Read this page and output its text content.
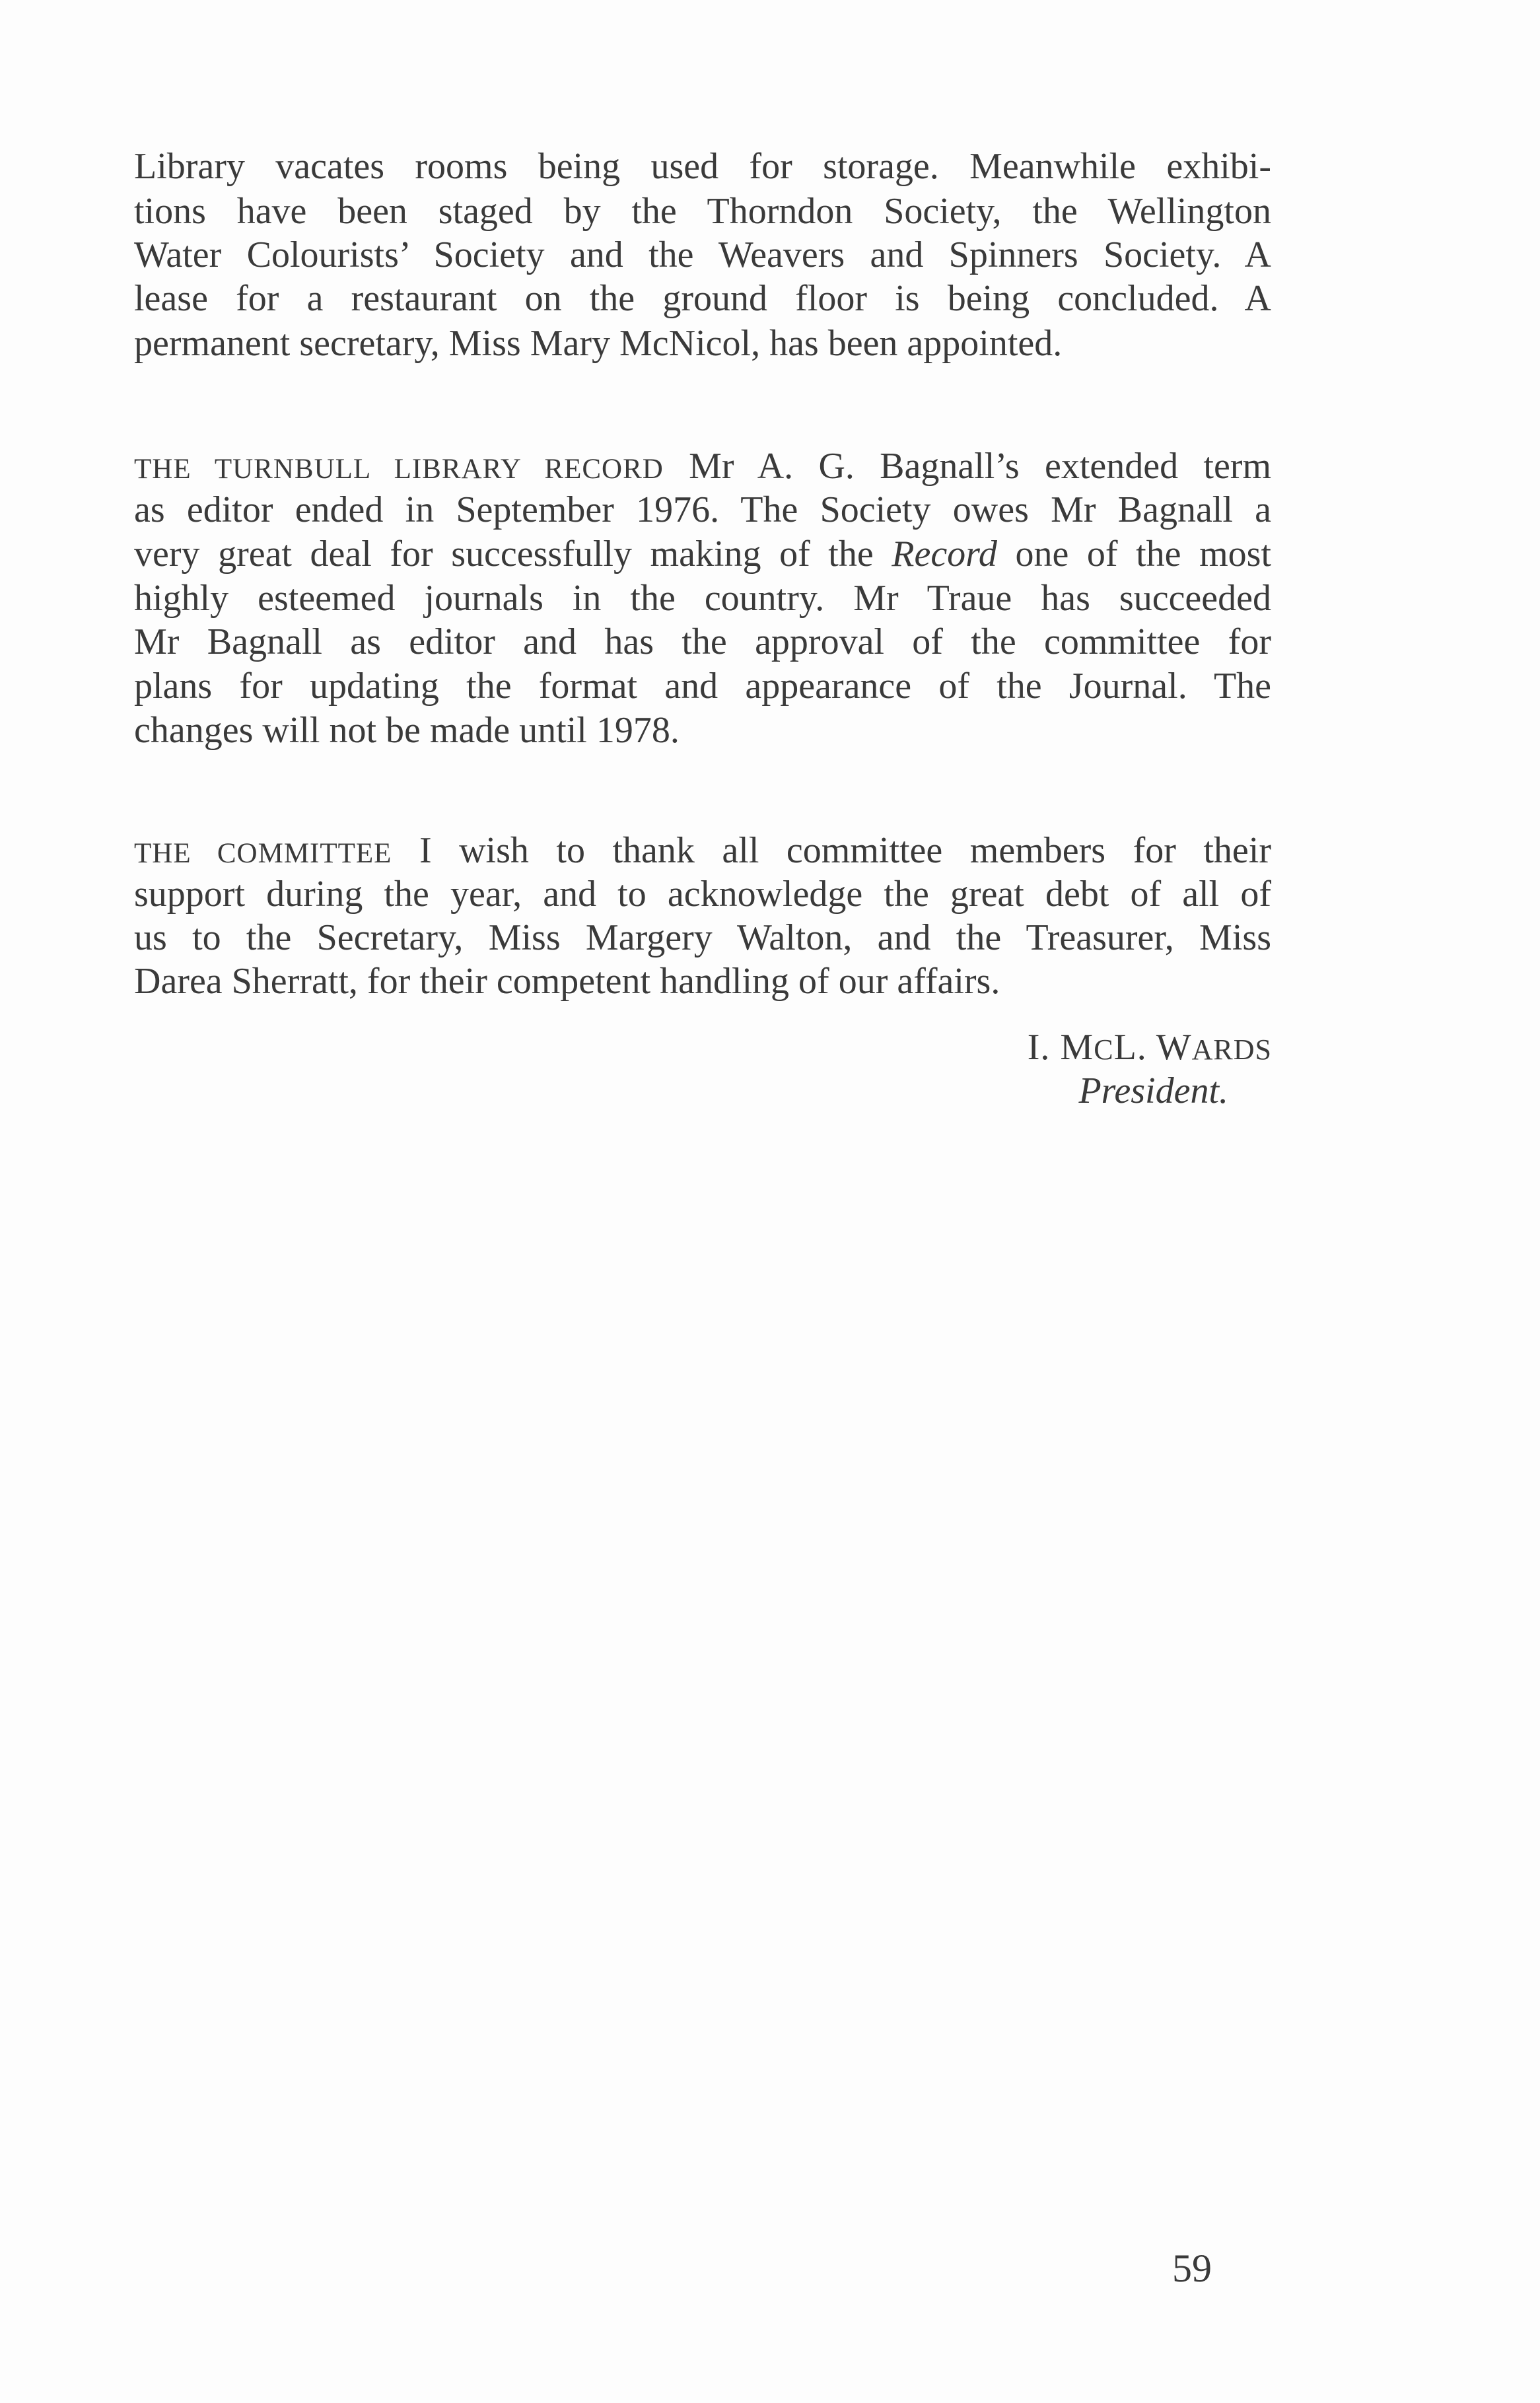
Library vacates rooms being used for storage. Meanwhile exhibi-
tions have been staged by the Thorndon Society, the Wellington
Water Colourists’ Society and the Weavers and Spinners Society. A
lease for a restaurant on the ground floor is being concluded. A
permanent secretary, Miss Mary McNicol, has been appointed.
THE TURNBULL LIBRARY RECORD Mr A. G. Bagnall’s extended term
as editor ended in September 1976. The Society owes Mr Bagnall a
very great deal for successfully making of the Record one of the most
highly esteemed journals in the country. Mr Traue has succeeded
Mr Bagnall as editor and has the approval of the committee for
plans for updating the format and appearance of the Journal. The
changes will not be made until 1978.
THE COMMITTEE I wish to thank all committee members for their
support during the year, and to acknowledge the great debt of all of
us to the Secretary, Miss Margery Walton, and the Treasurer, Miss
Darea Sherratt, for their competent handling of our affairs.
I. MCL. WARDS
President.
59
